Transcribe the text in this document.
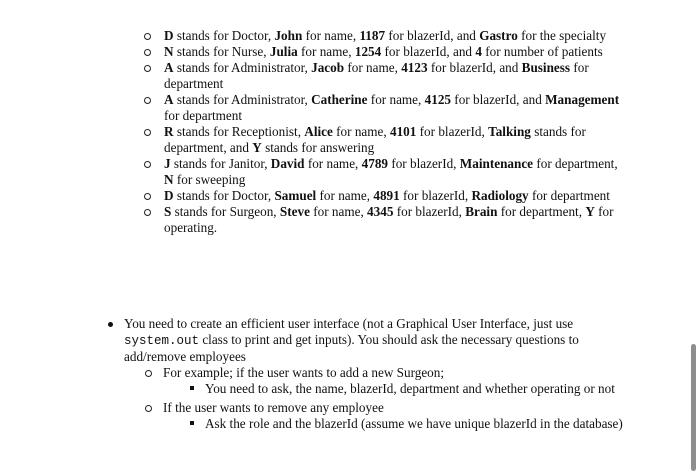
D stands for Doctor, John for name, 1187 for blazerId, and Gastro for the specialty
N stands for Nurse, Julia for name, 1254 for blazerId, and 4 for number of patients
A stands for Administrator, Jacob for name, 4123 for blazerId, and Business for department
A stands for Administrator, Catherine for name, 4125 for blazerId, and Management for department
R stands for Receptionist, Alice for name, 4101 for blazerId, Talking stands for department, and Y stands for answering
J stands for Janitor, David for name, 4789 for blazerId, Maintenance for department, N for sweeping
D stands for Doctor, Samuel for name, 4891 for blazerId, Radiology for department
S stands for Surgeon, Steve for name, 4345 for blazerId, Brain for department, Y for operating.
You need to create an efficient user interface (not a Graphical User Interface, just use system.out class to print and get inputs). You should ask the necessary questions to add/remove employees
For example; if the user wants to add a new Surgeon;
You need to ask, the name, blazerId, department and whether operating or not
If the user wants to remove any employee
Ask the role and the blazerId (assume we have unique blazerId in the database)
